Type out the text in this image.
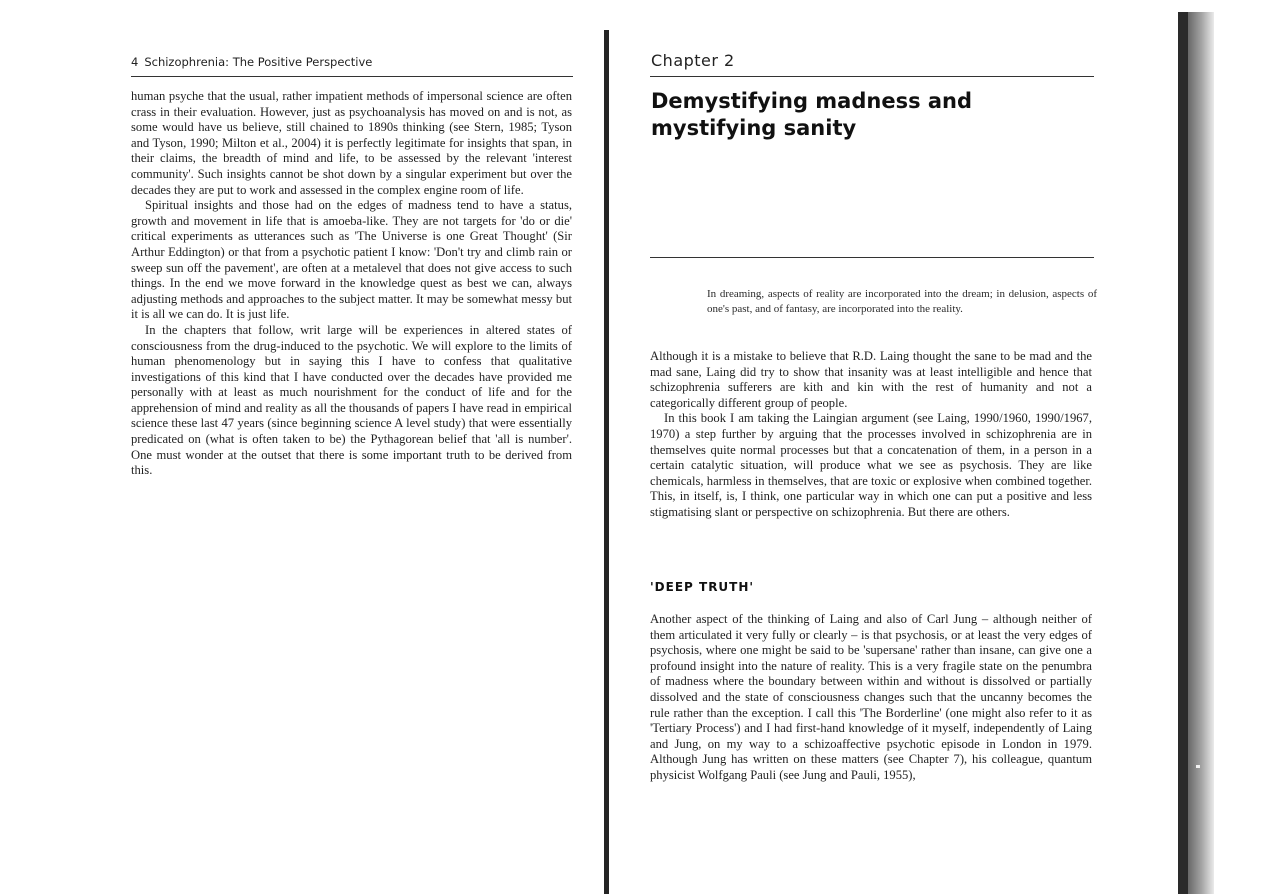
4 Schizophrenia: The Positive Perspective

human psyche that the usual, rather impatient methods of impersonal science are often crass in their evaluation. However, just as psychoanalysis has moved on and is not, as some would have us believe, still chained to 1890s thinking (see Stern, 1985; Tyson and Tyson, 1990; Milton et al., 2004) it is perfectly legitimate for insights that span, in their claims, the breadth of mind and life, to be assessed by the relevant 'interest community'. Such insights cannot be shot down by a singular experiment but over the decades they are put to work and assessed in the complex engine room of life.

Spiritual insights and those had on the edges of madness tend to have a status, growth and movement in life that is amoeba-like. They are not targets for 'do or die' critical experiments as utterances such as 'The Universe is one Great Thought' (Sir Arthur Eddington) or that from a psychotic patient I know: 'Don't try and climb rain or sweep sun off the pavement', are often at a metalevel that does not give access to such things. In the end we move forward in the knowledge quest as best we can, always adjusting methods and approaches to the subject matter. It may be somewhat messy but it is all we can do. It is just life.

In the chapters that follow, writ large will be experiences in altered states of consciousness from the drug-induced to the psychotic. We will explore to the limits of human phenomenology but in saying this I have to confess that qualitative investigations of this kind that I have conducted over the decades have provided me personally with at least as much nourishment for the conduct of life and for the apprehension of mind and reality as all the thousands of papers I have read in empirical science these last 47 years (since beginning science A level study) that were essentially predicated on (what is often taken to be) the Pythagorean belief that 'all is number'. One must wonder at the outset that there is some important truth to be derived from this.

Chapter 2
Demystifying madness and mystifying sanity
In dreaming, aspects of reality are incorporated into the dream; in delusion, aspects of one's past, and of fantasy, are incorporated into the reality.

Although it is a mistake to believe that R.D. Laing thought the sane to be mad and the mad sane, Laing did try to show that insanity was at least intelligible and hence that schizophrenia sufferers are kith and kin with the rest of humanity and not a categorically different group of people.

In this book I am taking the Laingian argument (see Laing, 1990/1960, 1990/1967, 1970) a step further by arguing that the processes involved in schizophrenia are in themselves quite normal processes but that a concatenation of them, in a person in a certain catalytic situation, will produce what we see as psychosis. They are like chemicals, harmless in themselves, that are toxic or explosive when combined together. This, in itself, is, I think, one particular way in which one can put a positive and less stigmatising slant or perspective on schizophrenia. But there are others.

'DEEP TRUTH'

Another aspect of the thinking of Laing and also of Carl Jung – although neither of them articulated it very fully or clearly – is that psychosis, or at least the very edges of psychosis, where one might be said to be 'supersane' rather than insane, can give one a profound insight into the nature of reality. This is a very fragile state on the penumbra of madness where the boundary between within and without is dissolved or partially dissolved and the state of consciousness changes such that the uncanny becomes the rule rather than the exception. I call this 'The Borderline' (one might also refer to it as 'Tertiary Process') and I had first-hand knowledge of it myself, independently of Laing and Jung, on my way to a schizoaffective psychotic episode in London in 1979. Although Jung has written on these matters (see Chapter 7), his colleague, quantum physicist Wolfgang Pauli (see Jung and Pauli, 1955),
